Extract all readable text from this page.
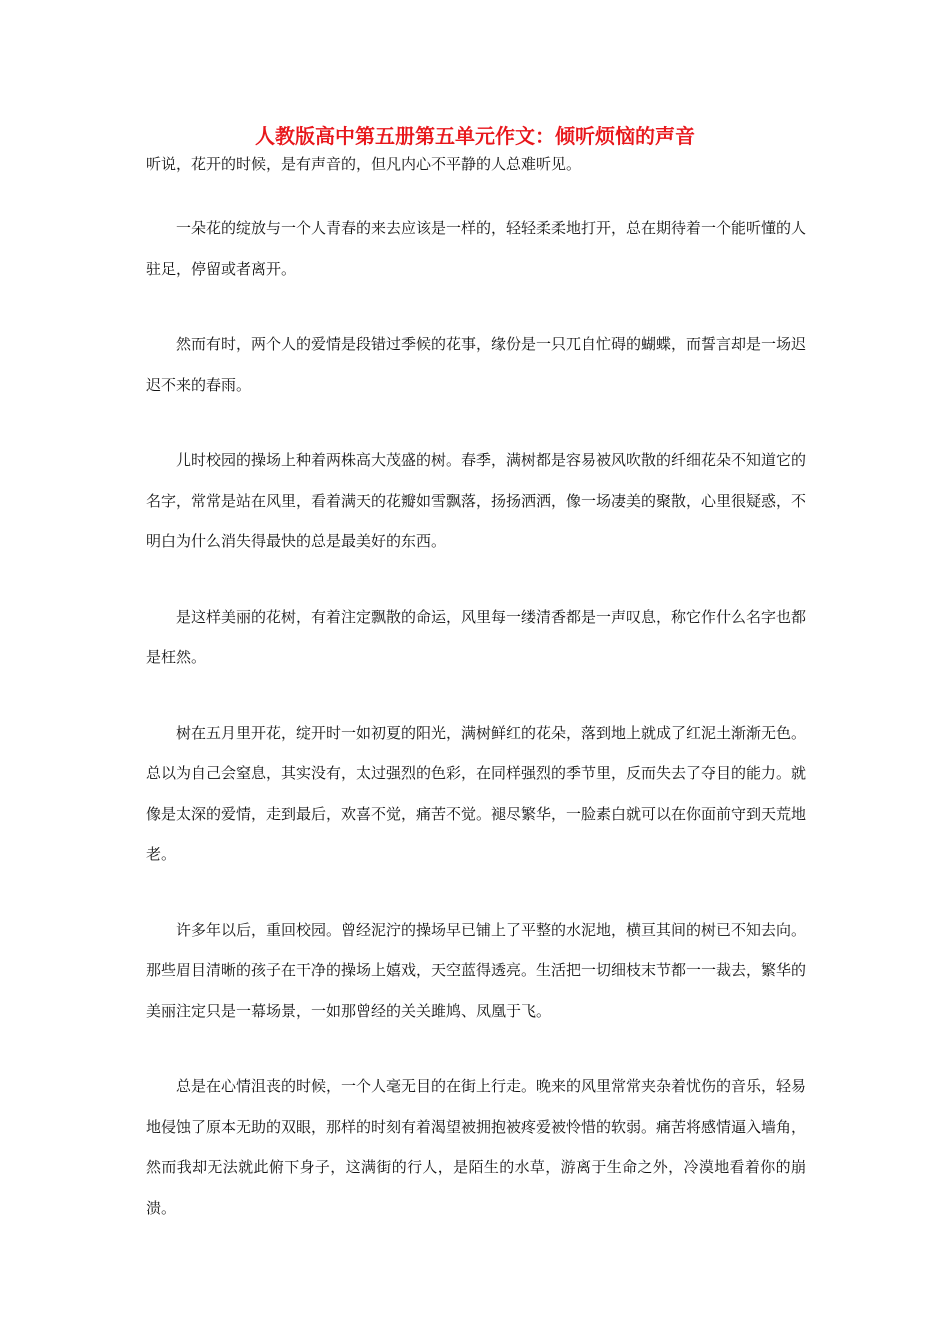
人教版高中第五册第五单元作文：倾听烦恼的声音

听说，花开的时候，是有声音的，但凡内心不平静的人总难听见。

一朵花的绽放与一个人青春的来去应该是一样的，轻轻柔柔地打开，总在期待着一个能听懂的人驻足，停留或者离开。

然而有时，两个人的爱情是段错过季候的花事，缘份是一只兀自忙碍的蝴蝶，而誓言却是一场迟迟不来的春雨。

儿时校园的操场上种着两株高大茂盛的树。春季，满树都是容易被风吹散的纤细花朵不知道它的名字，常常是站在风里，看着满天的花瓣如雪飘落，扬扬洒洒，像一场凄美的聚散，心里很疑惑，不明白为什么消失得最快的总是最美好的东西。

是这样美丽的花树，有着注定飘散的命运，风里每一缕清香都是一声叹息，称它作什么名字也都是枉然。

树在五月里开花，绽开时一如初夏的阳光，满树鲜红的花朵，落到地上就成了红泥土渐渐无色。总以为自己会窒息，其实没有，太过强烈的色彩，在同样强烈的季节里，反而失去了夺目的能力。就像是太深的爱情，走到最后，欢喜不觉，痛苦不觉。褪尽繁华，一脸素白就可以在你面前守到天荒地老。

许多年以后，重回校园。曾经泥泞的操场早已铺上了平整的水泥地，横亘其间的树已不知去向。那些眉目清晰的孩子在干净的操场上嬉戏，天空蓝得透亮。生活把一切细枝末节都一一裁去，繁华的美丽注定只是一幕场景，一如那曾经的关关雎鸠、凤凰于飞。

总是在心情沮丧的时候，一个人毫无目的在街上行走。晚来的风里常常夹杂着忧伤的音乐，轻易地侵蚀了原本无助的双眼，那样的时刻有着渴望被拥抱被疼爱被怜惜的软弱。痛苦将感情逼入墙角，然而我却无法就此俯下身子，这满街的行人，是陌生的水草，游离于生命之外，冷漠地看着你的崩溃。
